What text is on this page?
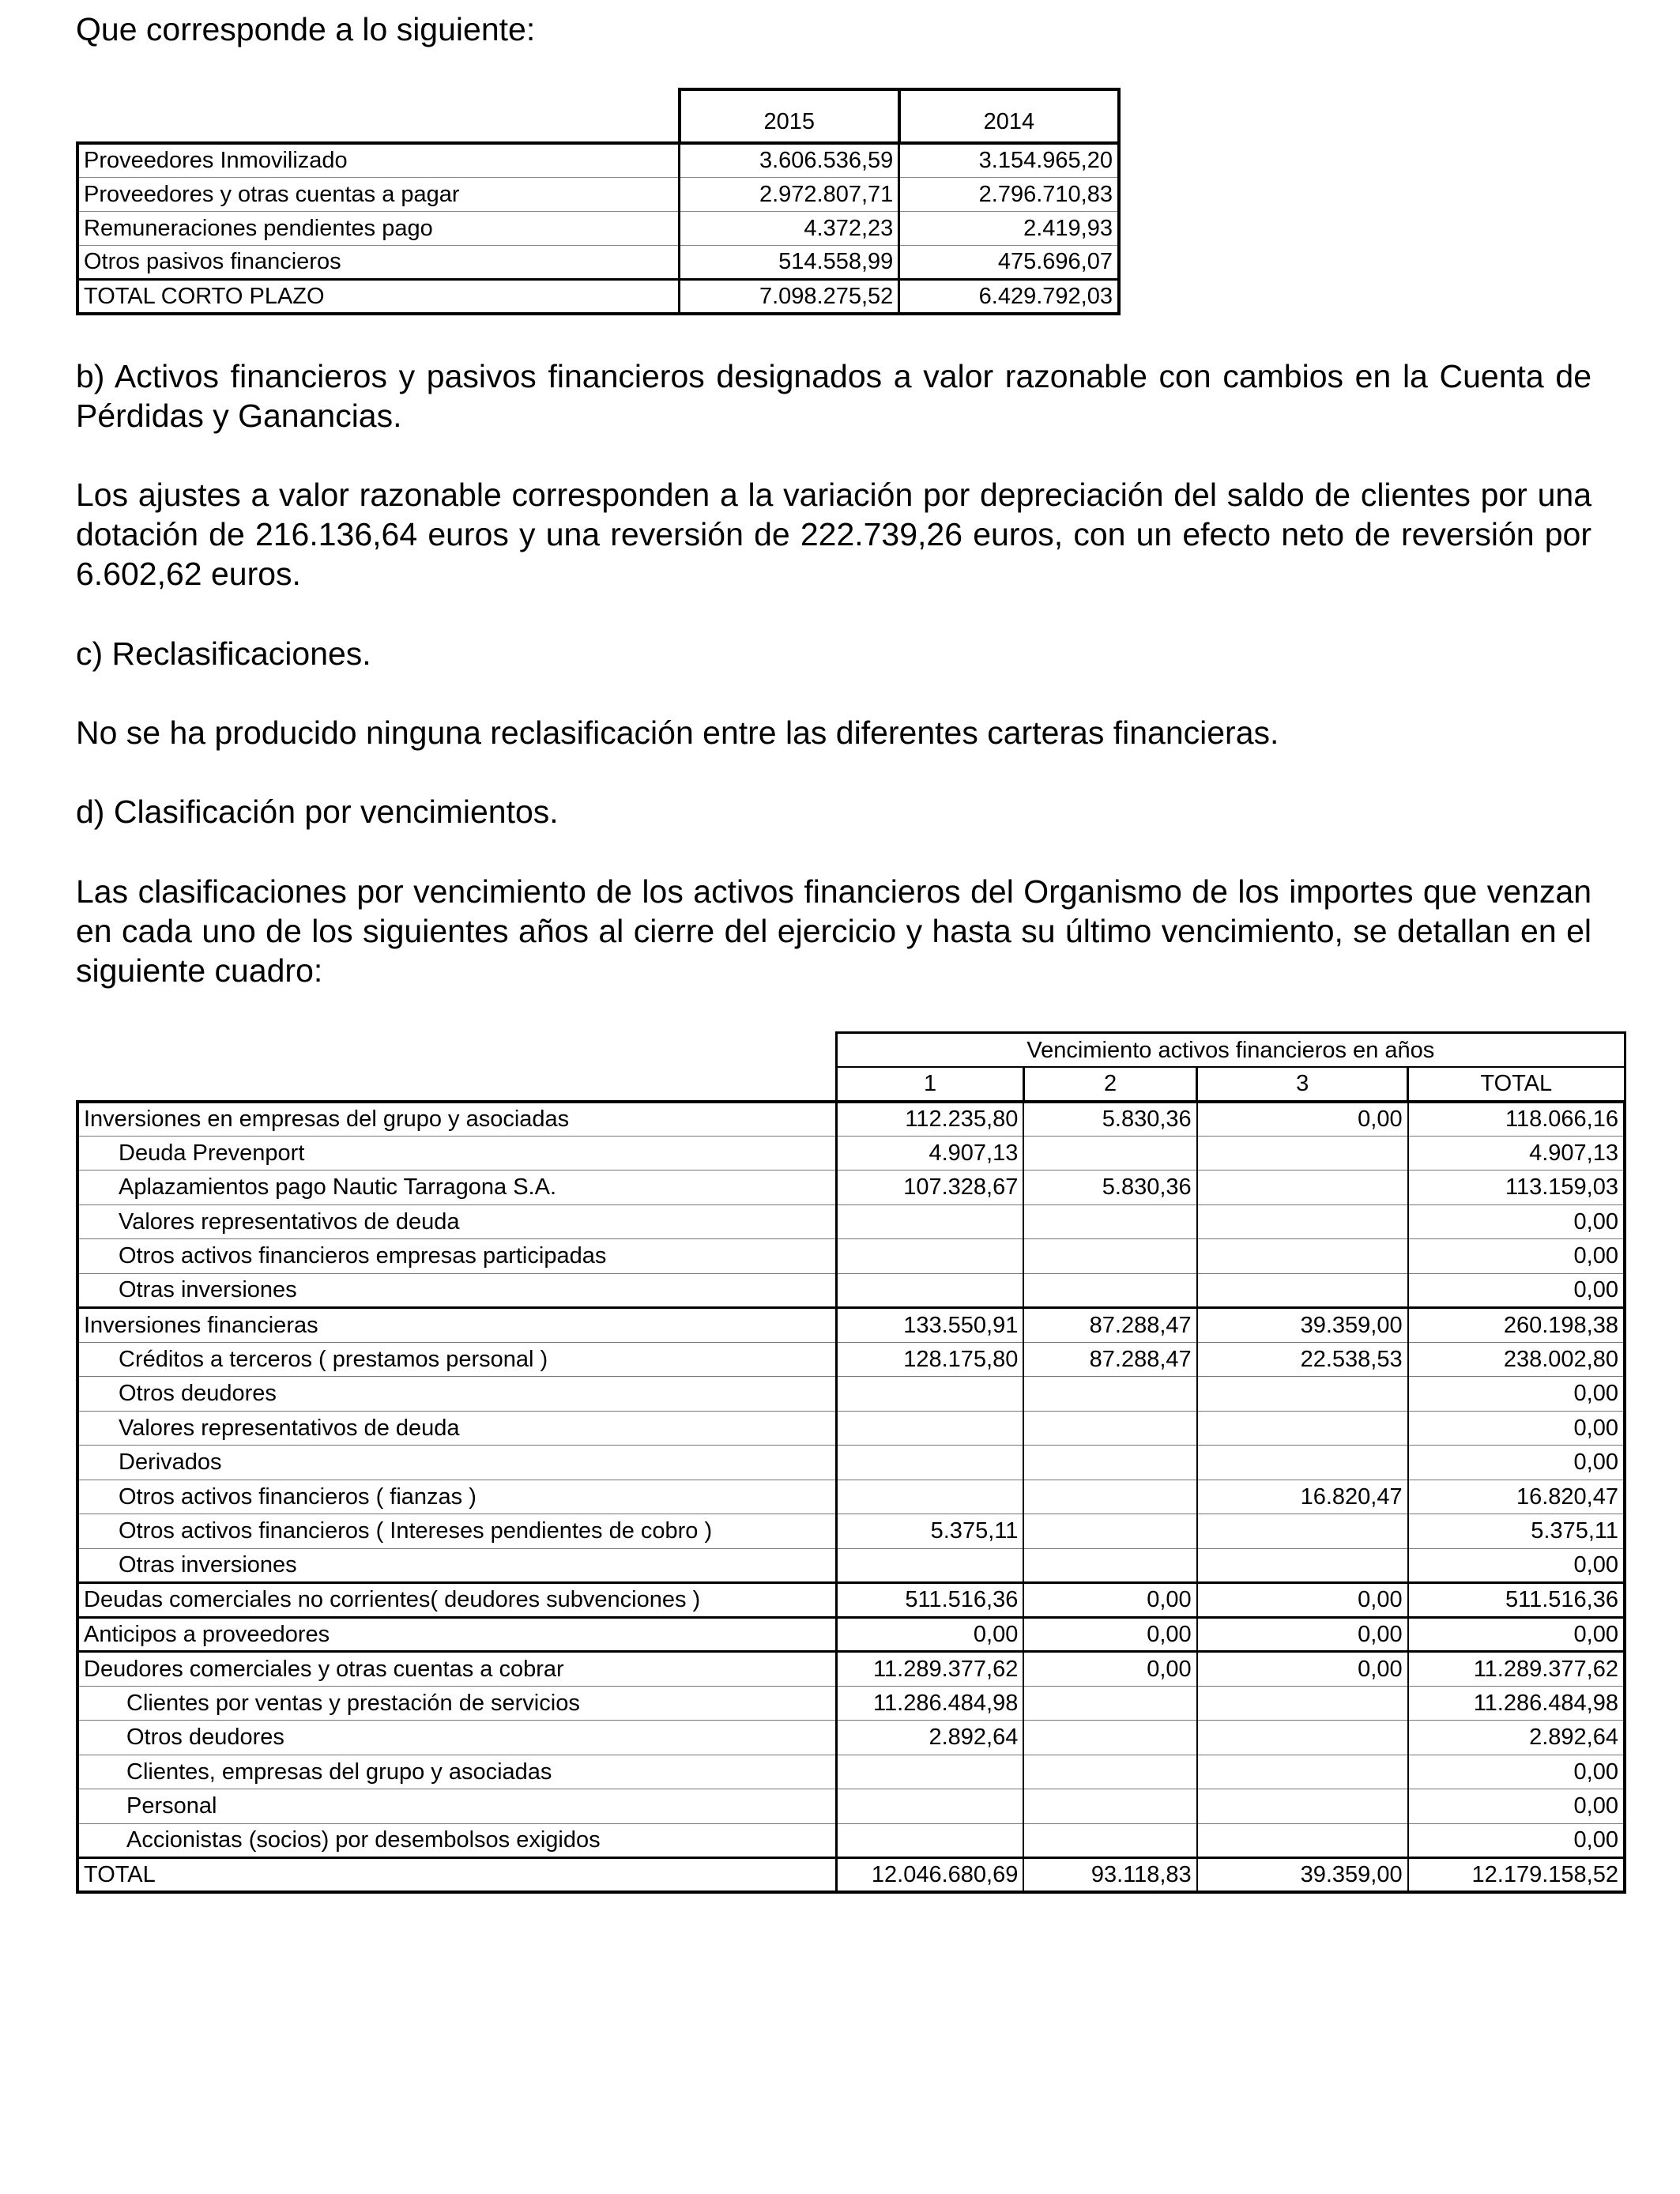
Que corresponde a lo siguiente:

	2015	2014
Proveedores Inmovilizado	3.606.536,59	3.154.965,20
Proveedores y otras cuentas a pagar	2.972.807,71	2.796.710,83
Remuneraciones pendientes pago	4.372,23	2.419,93
Otros pasivos financieros	514.558,99	475.696,07
TOTAL CORTO PLAZO	7.098.275,52	6.429.792,03

b) Activos financieros y pasivos financieros designados a valor razonable con cambios en la Cuenta de Pérdidas y Ganancias.

Los ajustes a valor razonable corresponden a la variación por depreciación del saldo de clientes por una dotación de 216.136,64 euros y una reversión de 222.739,26 euros, con un efecto neto de reversión por 6.602,62 euros.

c) Reclasificaciones.

No se ha producido ninguna reclasificación entre las diferentes carteras financieras.

d) Clasificación por vencimientos.

Las clasificaciones por vencimiento de los activos financieros del Organismo de los importes que venzan en cada uno de los siguientes años al cierre del ejercicio y hasta su último vencimiento, se detallan en el siguiente cuadro:

	Vencimiento activos financieros en años			
	1	2	3	TOTAL
Inversiones en empresas del grupo y asociadas	112.235,80	5.830,36	0,00	118.066,16
Deuda Prevenport	4.907,13			4.907,13
Aplazamientos pago Nautic Tarragona S.A.	107.328,67	5.830,36		113.159,03
Valores representativos de deuda				0,00
Otros activos financieros empresas participadas				0,00
Otras inversiones				0,00
Inversiones financieras	133.550,91	87.288,47	39.359,00	260.198,38
Créditos a terceros ( prestamos personal )	128.175,80	87.288,47	22.538,53	238.002,80
Otros deudores				0,00
Valores representativos de deuda				0,00
Derivados				0,00
Otros activos financieros ( fianzas )			16.820,47	16.820,47
Otros activos financieros ( Intereses pendientes de cobro )	5.375,11			5.375,11
Otras inversiones				0,00
Deudas comerciales no corrientes( deudores subvenciones )	511.516,36	0,00	0,00	511.516,36
Anticipos a proveedores	0,00	0,00	0,00	0,00
Deudores comerciales y otras cuentas a cobrar	11.289.377,62	0,00	0,00	11.289.377,62
Clientes por ventas y prestación de servicios	11.286.484,98			11.286.484,98
Otros deudores	2.892,64			2.892,64
Clientes, empresas del grupo y asociadas				0,00
Personal				0,00
Accionistas (socios) por desembolsos exigidos				0,00
TOTAL	12.046.680,69	93.118,83	39.359,00	12.179.158,52
